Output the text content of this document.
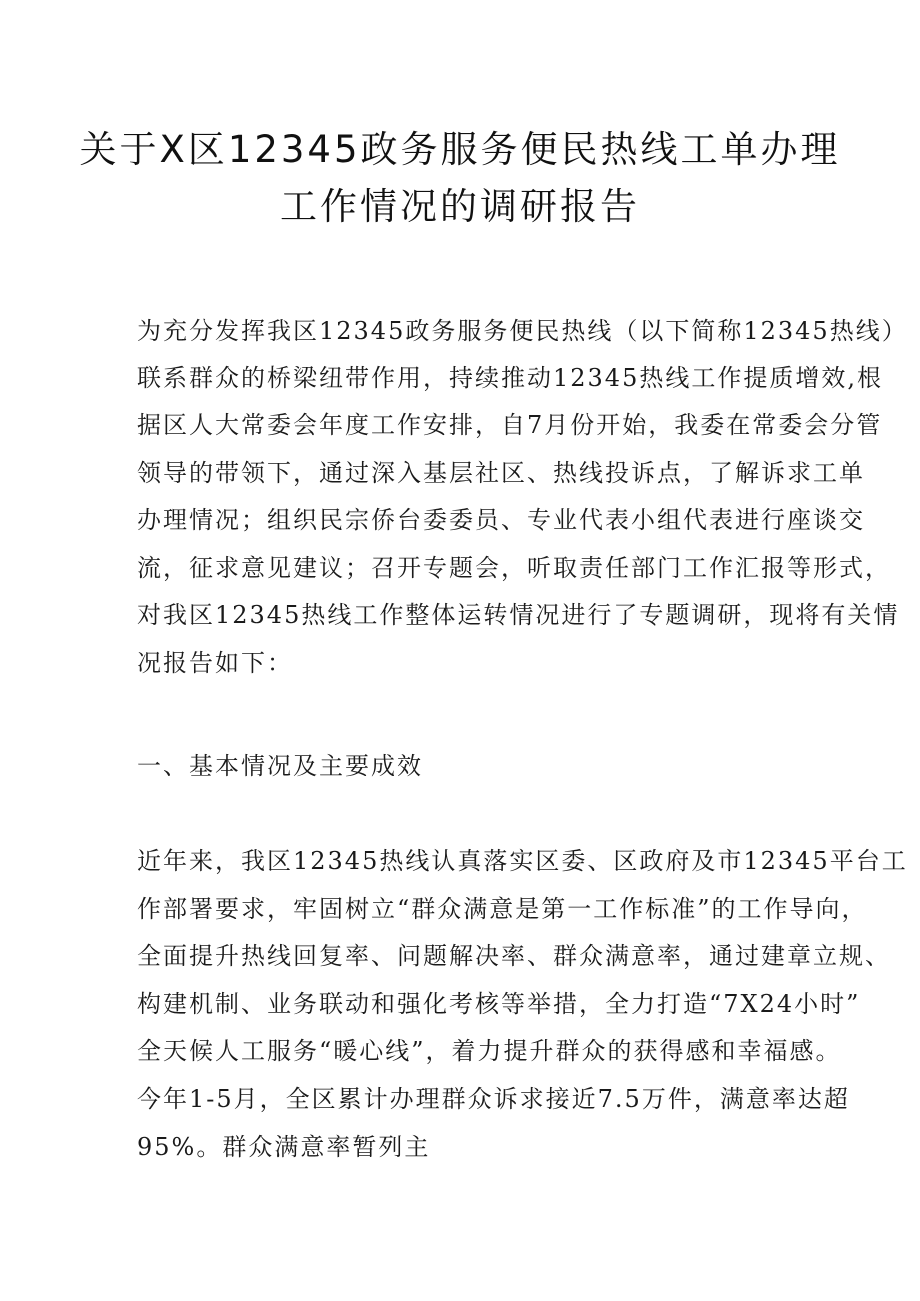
关于X区12345政务服务便民热线工单办理
工作情况的调研报告
为充分发挥我区12345政务服务便民热线（以下简称12345热线）
联系群众的桥梁纽带作用，持续推动12345热线工作提质增效,根
据区人大常委会年度工作安排，自7月份开始，我委在常委会分管
领导的带领下，通过深入基层社区、热线投诉点，了解诉求工单
办理情况；组织民宗侨台委委员、专业代表小组代表进行座谈交
流，征求意见建议；召开专题会，听取责任部门工作汇报等形式，
对我区12345热线工作整体运转情况进行了专题调研，现将有关情
况报告如下：
一、基本情况及主要成效
近年来，我区12345热线认真落实区委、区政府及市12345平台工
作部署要求，牢固树立“群众满意是第一工作标准”的工作导向，
全面提升热线回复率、问题解决率、群众满意率，通过建章立规、
构建机制、业务联动和强化考核等举措，全力打造“7X24小时”
全天候人工服务“暖心线”，着力提升群众的获得感和幸福感。
今年1-5月，全区累计办理群众诉求接近7.5万件，满意率达超
95%。群众满意率暂列主
